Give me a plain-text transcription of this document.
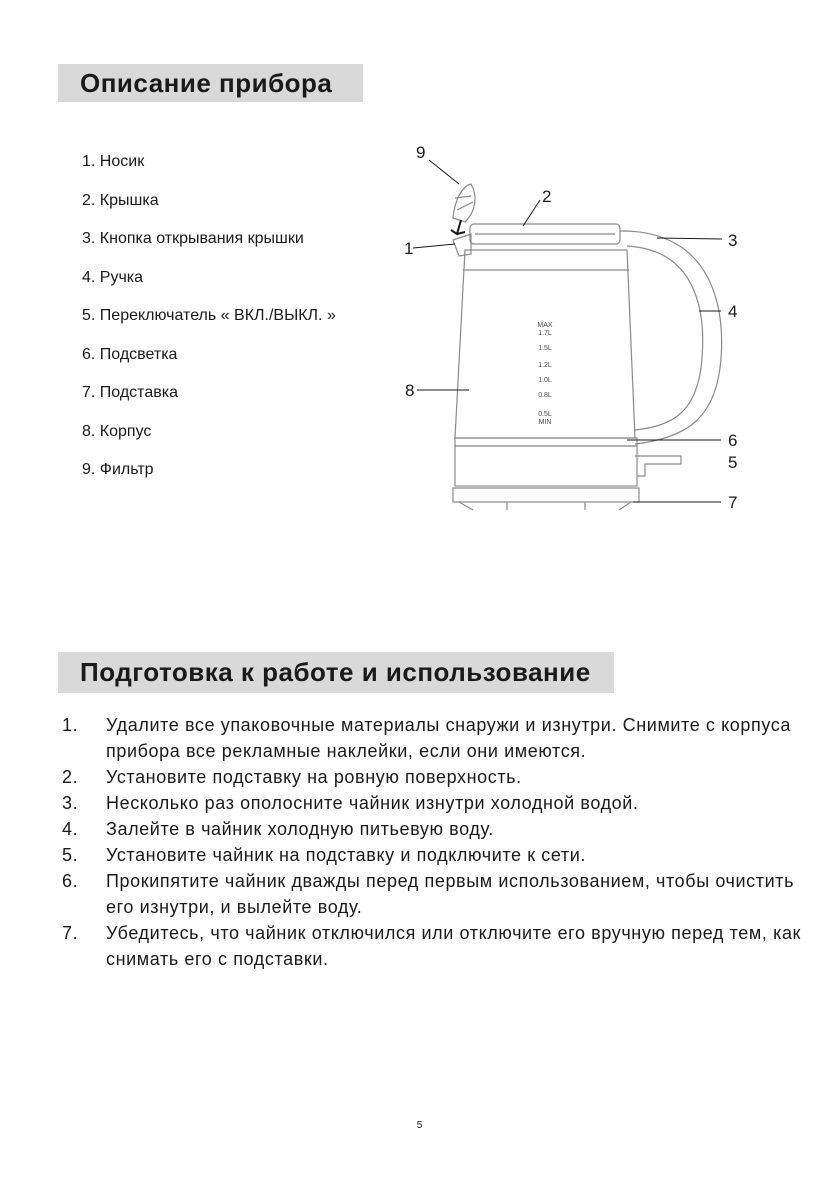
Описание прибора
1. Носик
2. Крышка
3. Кнопка открывания крышки
4. Ручка
5. Переключатель « ВКЛ./ВЫКЛ. »
6. Подсветка
7. Подставка
8. Корпус
9. Фильтр
1
2
3
4
5
6
7
8
9
MAX
1.7L
1.5L
1.2L
1.0L
0.8L
0.5L
MIN
Подготовка к работе и использование
1.	Удалите все упаковочные материалы снаружи и изнутри. Снимите с корпуса прибора все рекламные наклейки, если они имеются.
2.	Установите подставку на ровную поверхность.
3.	Несколько раз ополосните чайник изнутри холодной водой.
4.	Залейте в чайник холодную питьевую воду.
5.	Установите чайник на подставку и подключите к сети.
6.	Прокипятите чайник дважды перед первым использованием, чтобы очистить его изнутри, и вылейте воду.
7.	Убедитесь, что чайник отключился или отключите его вручную перед тем, как снимать его с подставки.
5
